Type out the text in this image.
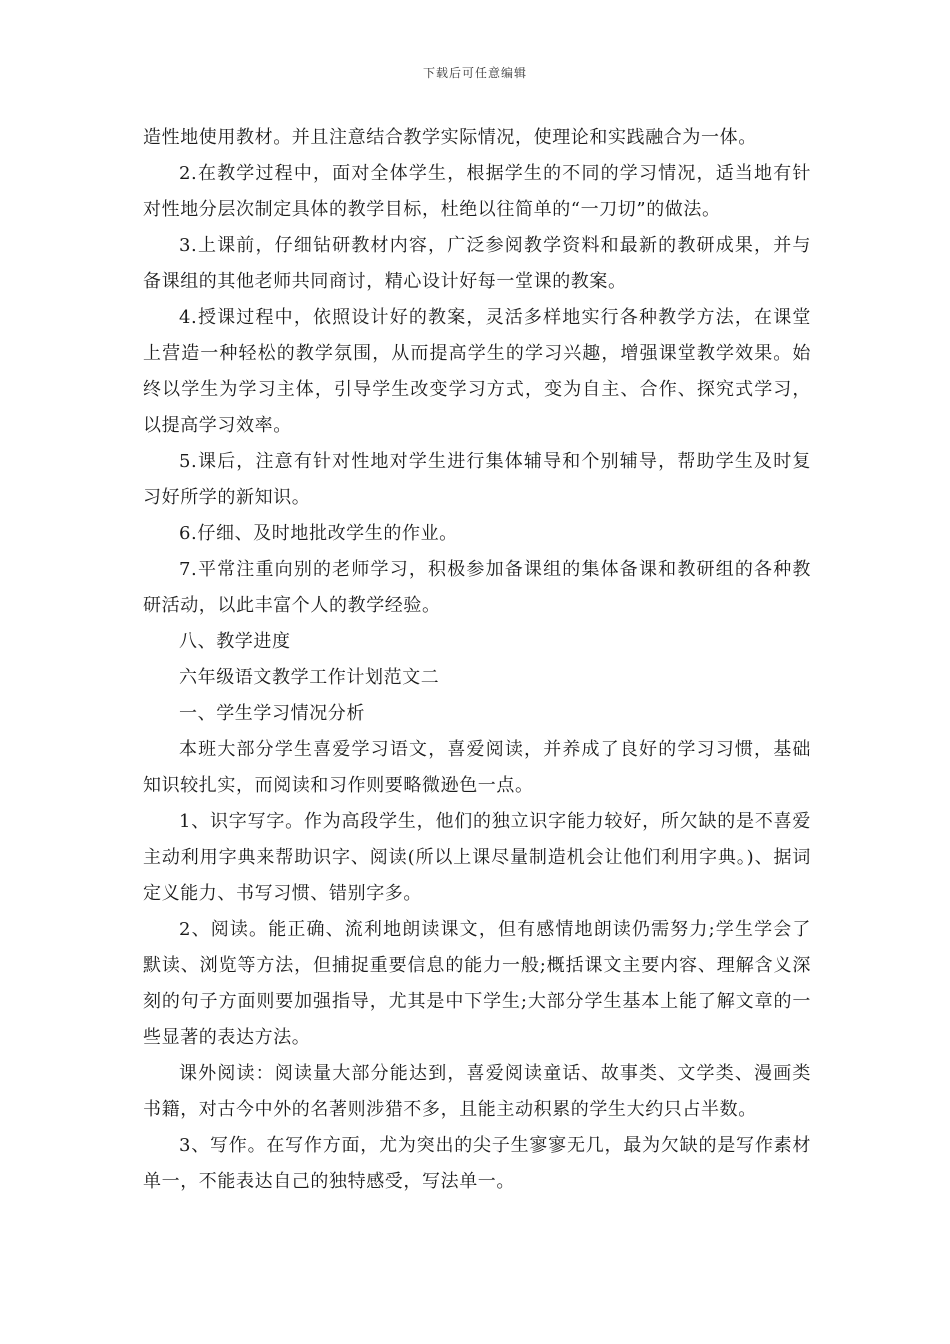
下载后可任意编辑

造性地使用教材。并且注意结合教学实际情况，使理论和实践融合为一体。

2.在教学过程中，面对全体学生，根据学生的不同的学习情况，适当地有针对性地分层次制定具体的教学目标，杜绝以往简单的“一刀切”的做法。

3.上课前，仔细钻研教材内容，广泛参阅教学资料和最新的教研成果，并与备课组的其他老师共同商讨，精心设计好每一堂课的教案。

4.授课过程中，依照设计好的教案，灵活多样地实行各种教学方法，在课堂上营造一种轻松的教学氛围，从而提高学生的学习兴趣，增强课堂教学效果。始终以学生为学习主体，引导学生改变学习方式，变为自主、合作、探究式学习，以提高学习效率。

5.课后，注意有针对性地对学生进行集体辅导和个别辅导，帮助学生及时复习好所学的新知识。

6.仔细、及时地批改学生的作业。

7.平常注重向别的老师学习，积极参加备课组的集体备课和教研组的各种教研活动，以此丰富个人的教学经验。

八、教学进度

六年级语文教学工作计划范文二

一、学生学习情况分析

本班大部分学生喜爱学习语文，喜爱阅读，并养成了良好的学习习惯，基础知识较扎实，而阅读和习作则要略微逊色一点。

1、识字写字。作为高段学生，他们的独立识字能力较好，所欠缺的是不喜爱主动利用字典来帮助识字、阅读(所以上课尽量制造机会让他们利用字典。)、据词定义能力、书写习惯、错别字多。

2、阅读。能正确、流利地朗读课文，但有感情地朗读仍需努力;学生学会了默读、浏览等方法，但捕捉重要信息的能力一般;概括课文主要内容、理解含义深刻的句子方面则要加强指导，尤其是中下学生;大部分学生基本上能了解文章的一些显著的表达方法。

课外阅读：阅读量大部分能达到，喜爱阅读童话、故事类、文学类、漫画类书籍，对古今中外的名著则涉猎不多，且能主动积累的学生大约只占半数。

3、写作。在写作方面，尤为突出的尖子生寥寥无几，最为欠缺的是写作素材单一，不能表达自己的独特感受，写法单一。
